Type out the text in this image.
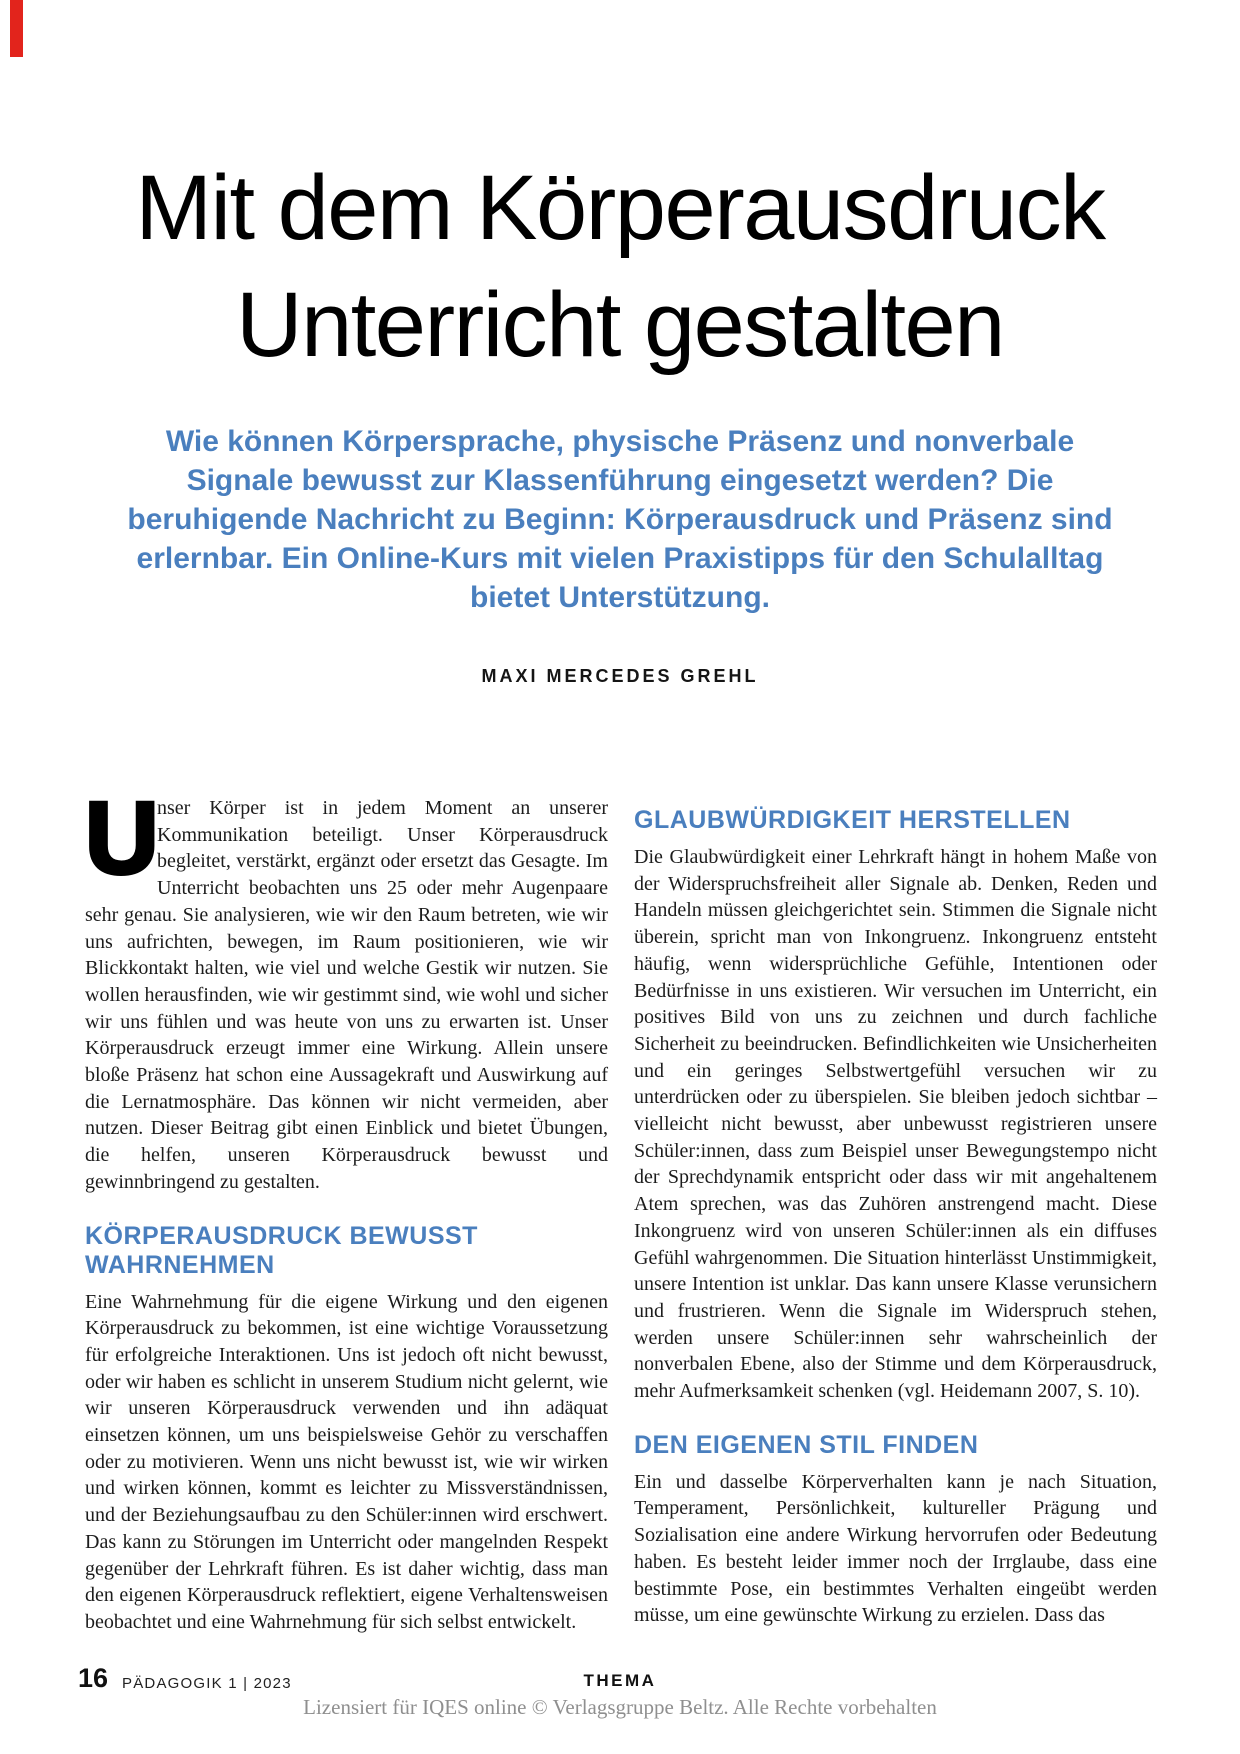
Mit dem Körperausdruck
Unterricht gestalten

Wie können Körpersprache, physische Präsenz und nonverbale Signale bewusst zur Klassenführung eingesetzt werden? Die beruhigende Nachricht zu Beginn: Körperausdruck und Präsenz sind erlernbar. Ein Online-Kurs mit vielen Praxistipps für den Schulalltag bietet Unterstützung.

MAXI MERCEDES GREHL

U
nser Körper ist in jedem Moment an unserer Kommunikation beteiligt. Unser Körperausdruck begleitet, verstärkt, ergänzt oder ersetzt das Gesagte. Im Unterricht beobachten uns 25 oder mehr Augenpaare sehr genau. Sie analysieren, wie wir den Raum betreten, wie wir uns aufrichten, bewegen, im Raum positionieren, wie wir Blickkontakt halten, wie viel und welche Gestik wir nutzen. Sie wollen herausfinden, wie wir gestimmt sind, wie wohl und sicher wir uns fühlen und was heute von uns zu erwarten ist. Unser Körperausdruck erzeugt immer eine Wirkung. Allein unsere bloße Präsenz hat schon eine Aussagekraft und Auswirkung auf die Lernatmosphäre. Das können wir nicht vermeiden, aber nutzen. Dieser Beitrag gibt einen Einblick und bietet Übungen, die helfen, unseren Körperausdruck bewusst und gewinnbringend zu gestalten.

KÖRPERAUSDRUCK BEWUSST WAHRNEHMEN

Eine Wahrnehmung für die eigene Wirkung und den eigenen Körperausdruck zu bekommen, ist eine wichtige Voraussetzung für erfolgreiche Interaktionen. Uns ist jedoch oft nicht bewusst, oder wir haben es schlicht in unserem Studium nicht gelernt, wie wir unseren Körperausdruck verwenden und ihn adäquat einsetzen können, um uns beispielsweise Gehör zu verschaffen oder zu motivieren. Wenn uns nicht bewusst ist, wie wir wirken und wirken können, kommt es leichter zu Missverständnissen, und der Beziehungsaufbau zu den Schüler:innen wird erschwert. Das kann zu Störungen im Unterricht oder mangelnden Respekt gegenüber der Lehrkraft führen. Es ist daher wichtig, dass man den eigenen Körperausdruck reflektiert, eigene Verhaltensweisen beobachtet und eine Wahrnehmung für sich selbst entwickelt.

GLAUBWÜRDIGKEIT HERSTELLEN

Die Glaubwürdigkeit einer Lehrkraft hängt in hohem Maße von der Widerspruchsfreiheit aller Signale ab. Denken, Reden und Handeln müssen gleichgerichtet sein. Stimmen die Signale nicht überein, spricht man von Inkongruenz. Inkongruenz entsteht häufig, wenn widersprüchliche Gefühle, Intentionen oder Bedürfnisse in uns existieren. Wir versuchen im Unterricht, ein positives Bild von uns zu zeichnen und durch fachliche Sicherheit zu beeindrucken. Befindlichkeiten wie Unsicherheiten und ein geringes Selbstwertgefühl versuchen wir zu unterdrücken oder zu überspielen. Sie bleiben jedoch sichtbar – vielleicht nicht bewusst, aber unbewusst registrieren unsere Schüler:innen, dass zum Beispiel unser Bewegungstempo nicht der Sprechdynamik entspricht oder dass wir mit angehaltenem Atem sprechen, was das Zuhören anstrengend macht. Diese Inkongruenz wird von unseren Schüler:innen als ein diffuses Gefühl wahrgenommen. Die Situation hinterlässt Unstimmigkeit, unsere Intention ist unklar. Das kann unsere Klasse verunsichern und frustrieren. Wenn die Signale im Widerspruch stehen, werden unsere Schüler:innen sehr wahrscheinlich der nonverbalen Ebene, also der Stimme und dem Körperausdruck, mehr Aufmerksamkeit schenken (vgl. Heidemann 2007, S. 10).

DEN EIGENEN STIL FINDEN

Ein und dasselbe Körperverhalten kann je nach Situation, Temperament, Persönlichkeit, kultureller Prägung und Sozialisation eine andere Wirkung hervorrufen oder Bedeutung haben. Es besteht leider immer noch der Irrglaube, dass eine bestimmte Pose, ein bestimmtes Verhalten eingeübt werden müsse, um eine gewünschte Wirkung zu erzielen. Dass das

16 PÄDAGOGIK 1 | 2023	THEMA
Lizensiert für IQES online © Verlagsgruppe Beltz. Alle Rechte vorbehalten
